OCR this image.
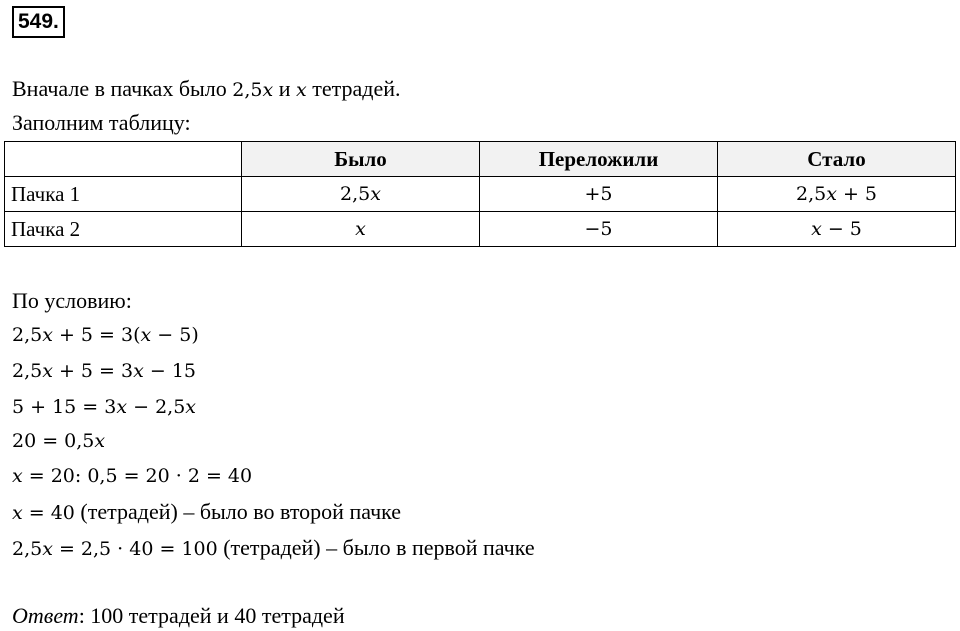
549.
Вначале в пачках было 2,5x и x тетрадей.
Заполним таблицу:
	Было	Переложили	Стало
Пачка 1	2,5𝑥	+5	2,5𝑥 + 5
Пачка 2	𝑥	−5	𝑥 − 5
По условию:
2,5𝑥 + 5 = 3(𝑥 − 5)
2,5𝑥 + 5 = 3𝑥 − 15
5 + 15 = 3𝑥 − 2,5𝑥
20 = 0,5𝑥
𝑥 = 20: 0,5 = 20 · 2 = 40
𝑥 = 40 (тетрадей) – было во второй пачке
2,5𝑥 = 2,5 · 40 = 100 (тетрадей) – было в первой пачке
Ответ: 100 тетрадей и 40 тетрадей
